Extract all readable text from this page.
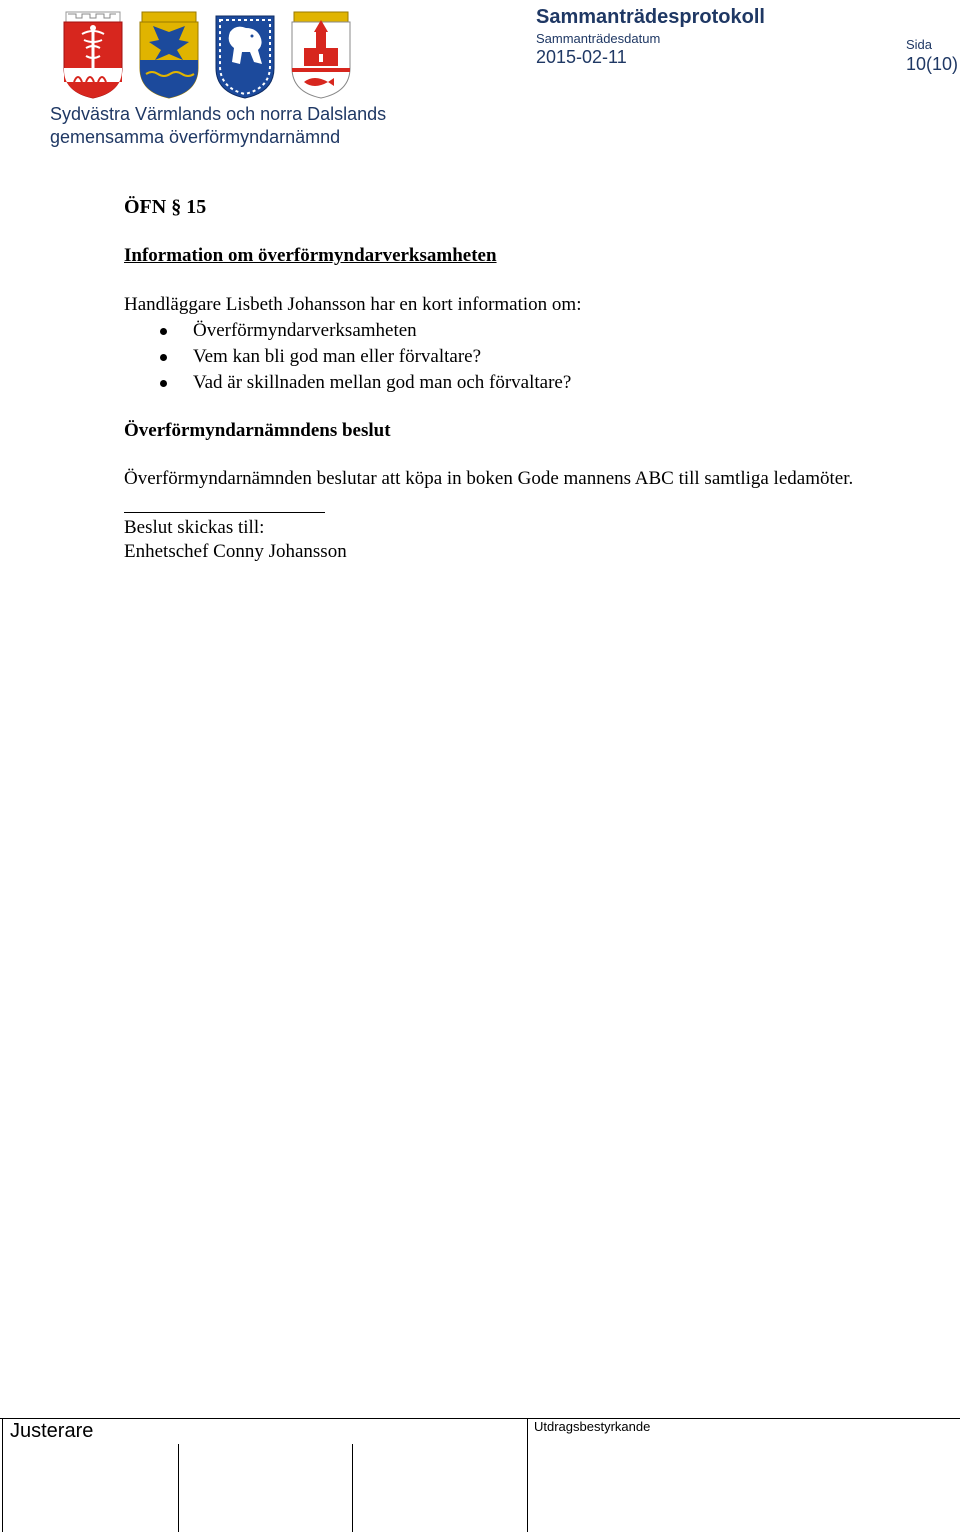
Sammanträdesprotokoll
Sammanträdesdatum
2015-02-11
Sida
10(10)
Sydvästra Värmlands och norra Dalslands
gemensamma överförmyndarnämnd
ÖFN § 15
Information om överförmyndarverksamheten
Handläggare Lisbeth Johansson har en kort information om:
Överförmyndarverksamheten
Vem kan bli god man eller förvaltare?
Vad är skillnaden mellan god man och förvaltare?
Överförmyndarnämndens beslut
Överförmyndarnämnden beslutar att köpa in boken Gode mannens ABC till samtliga ledamöter.
Beslut skickas till:
Enhetschef Conny Johansson
Justerare	Utdragsbestyrkande
